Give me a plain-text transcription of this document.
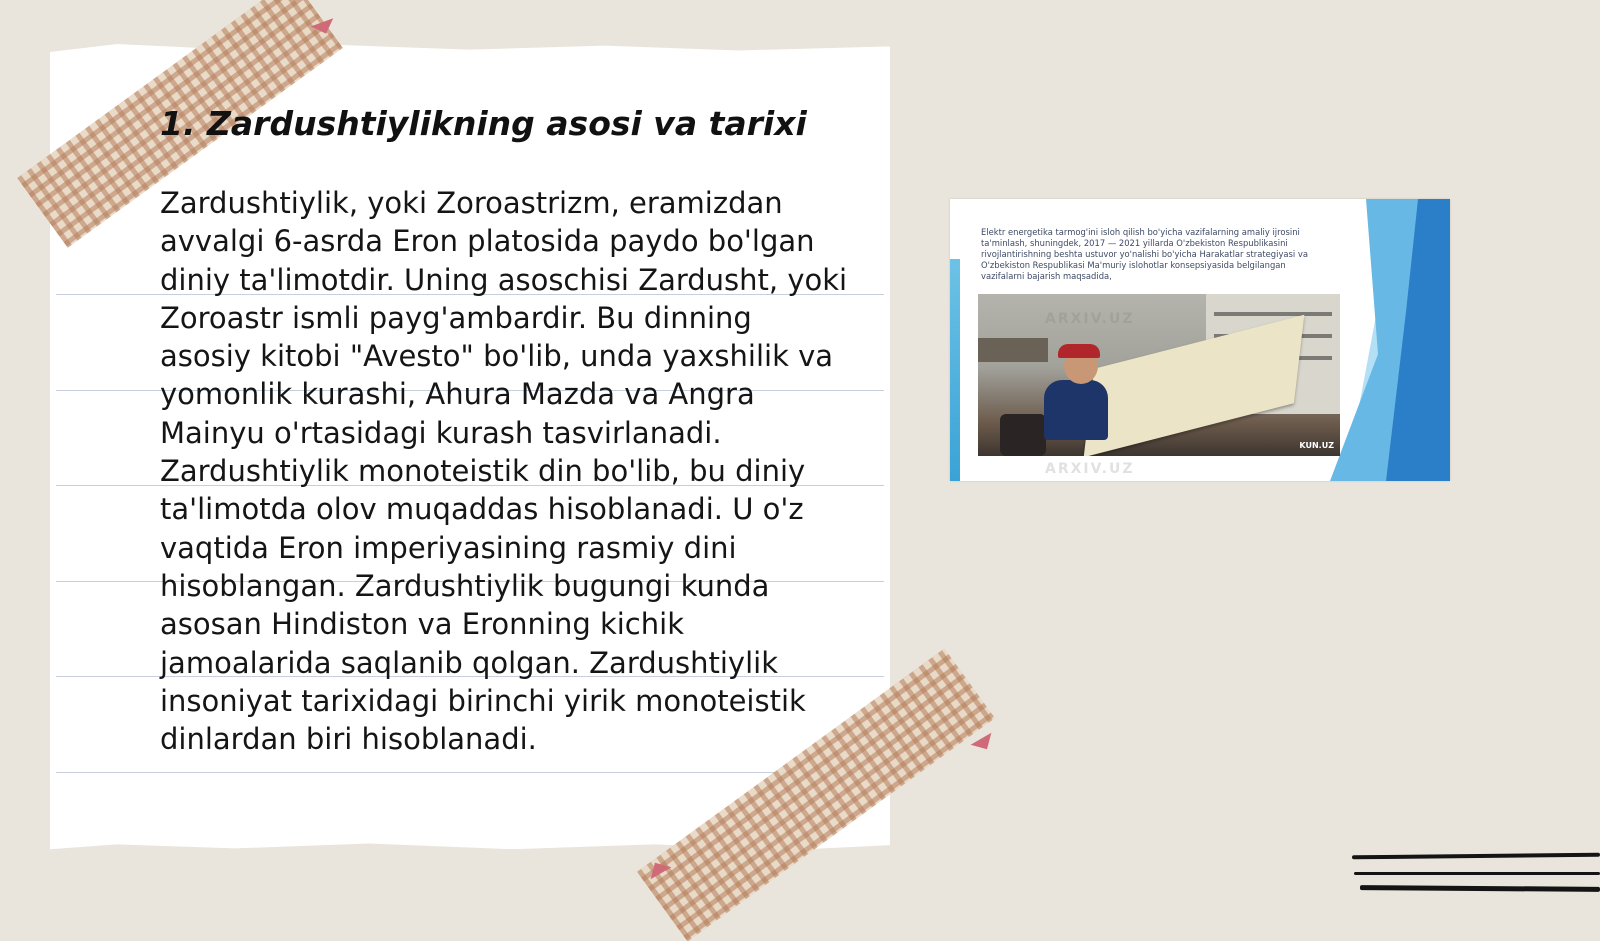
1. Zardushtiylikning asosi va tarixi

Zardushtiylik, yoki Zoroastrizm, eramizdan avvalgi 6-asrda Eron platosida paydo bo'lgan diniy ta'limotdir. Uning asoschisi Zardusht, yoki Zoroastr ismli payg'ambardir. Bu dinning asosiy kitobi "Avesto" bo'lib, unda yaxshilik va yomonlik kurashi, Ahura Mazda va Angra Mainyu o'rtasidagi kurash tasvirlanadi. Zardushtiylik monoteistik din bo'lib, bu diniy ta'limotda olov muqaddas hisoblanadi. U o'z vaqtida Eron imperiyasining rasmiy dini hisoblangan. Zardushtiylik bugungi kunda asosan Hindiston va Eronning kichik jamoalarida saqlanib qolgan. Zardushtiylik insoniyat tarixidagi birinchi yirik monoteistik dinlardan biri hisoblanadi.

Elektr energetika tarmog'ini isloh qilish bo'yicha vazifalarning amaliy ijrosini ta'minlash, shuningdek, 2017 — 2021 yillarda O'zbekiston Respublikasini rivojlantirishning beshta ustuvor yo'nalishi bo'yicha Harakatlar strategiyasi va O'zbekiston Respublikasi Ma'muriy islohotlar konsepsiyasida belgilangan vazifalarni bajarish maqsadida,
KUN.UZ
ARXIV.UZ
ARXIV.UZ
